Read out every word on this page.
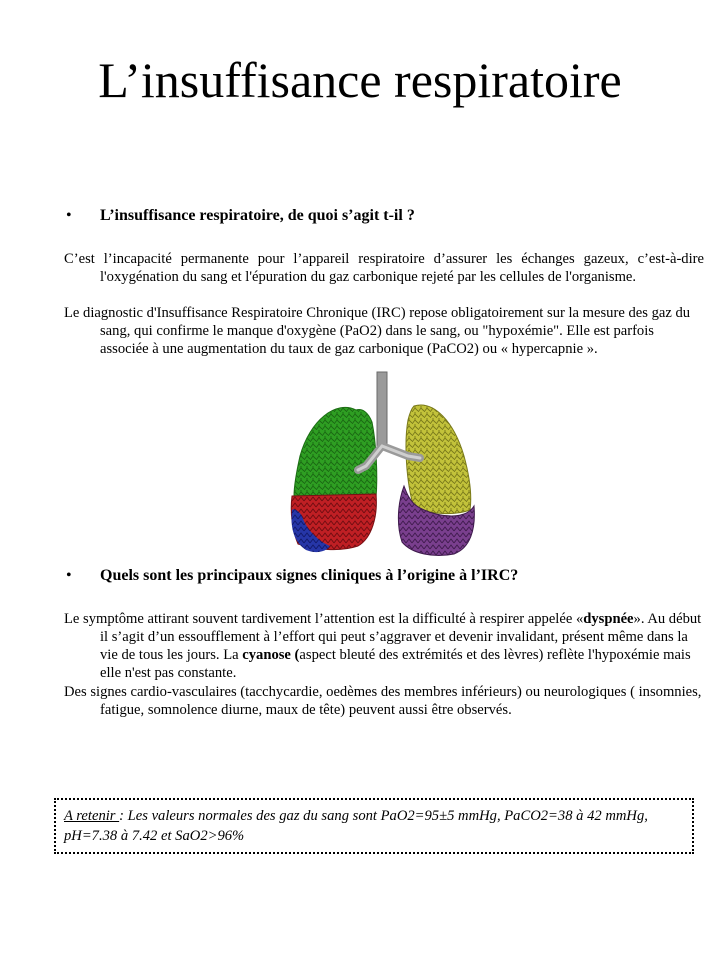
L’insuffisance respiratoire
• L’insuffisance respiratoire, de quoi s’agit t-il ?

C’est l’incapacité permanente pour l’appareil respiratoire d’assurer les échanges gazeux, c’est-à-dire l'oxygénation du sang et l'épuration du gaz carbonique rejeté par les cellules de l'organisme.

Le diagnostic d'Insuffisance Respiratoire Chronique (IRC) repose obligatoirement sur la mesure des gaz du sang, qui confirme le manque d'oxygène (PaO2) dans le sang, ou "hypoxémie". Elle est parfois associée à une augmentation du taux de gaz carbonique (PaCO2) ou « hypercapnie ».

• Quels sont les principaux signes cliniques à l’origine à l’IRC?

Le symptôme attirant souvent tardivement l’attention est la difficulté à respirer appelée «dyspnée». Au début il s’agit d’un essoufflement à l’effort qui peut s’aggraver et devenir invalidant, présent même dans la vie de tous les jours. La cyanose (aspect bleuté des extrémités et des lèvres) reflète l'hypoxémie mais elle n'est pas constante.

Des signes cardio-vasculaires (tacchycardie, oedèmes des membres inférieurs) ou neurologiques ( insomnies, fatigue, somnolence diurne, maux de tête) peuvent aussi être observés.

A retenir : Les valeurs normales des gaz du sang sont PaO2=95±5 mmHg, PaCO2=38 à 42 mmHg, pH=7.38 à 7.42 et SaO2>96%
